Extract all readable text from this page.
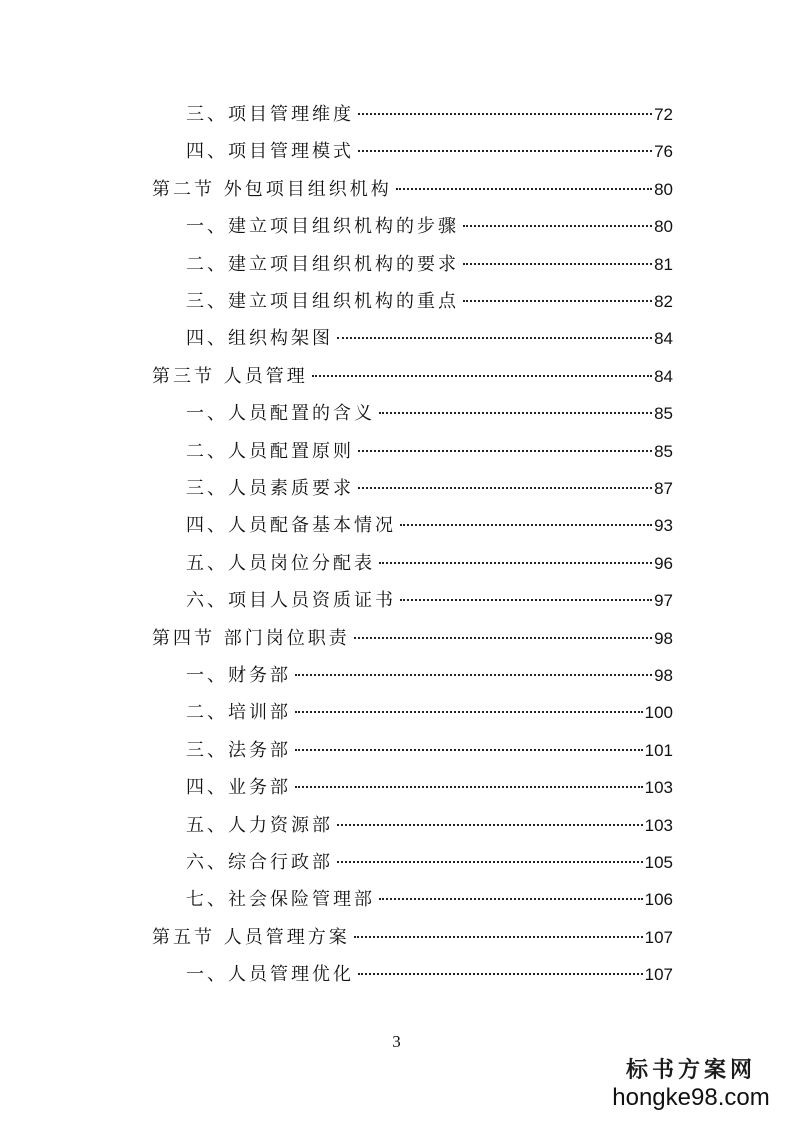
三、项目管理维度	72
四、项目管理模式	76
第二节 外包项目组织机构	80
一、建立项目组织机构的步骤	80
二、建立项目组织机构的要求	81
三、建立项目组织机构的重点	82
四、组织构架图	84
第三节 人员管理	84
一、人员配置的含义	85
二、人员配置原则	85
三、人员素质要求	87
四、人员配备基本情况	93
五、人员岗位分配表	96
六、项目人员资质证书	97
第四节 部门岗位职责	98
一、财务部	98
二、培训部	100
三、法务部	101
四、业务部	103
五、人力资源部	103
六、综合行政部	105
七、社会保险管理部	106
第五节 人员管理方案	107
一、人员管理优化	107
3
标书方案网
hongke98.com
